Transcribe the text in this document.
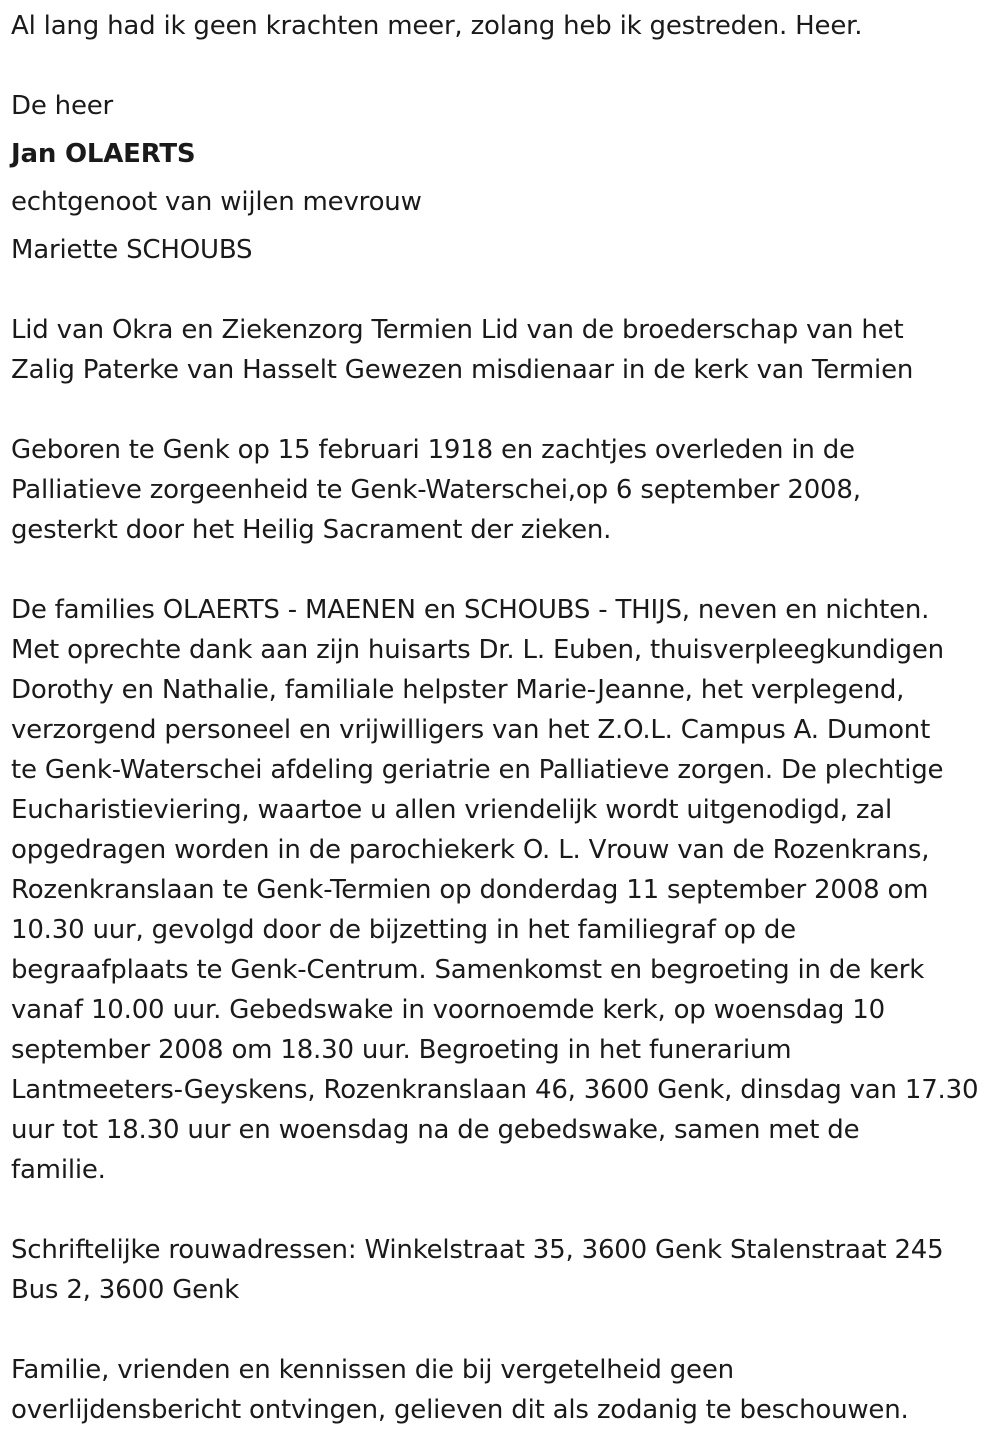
Al lang had ik geen krachten meer, zolang heb ik gestreden. Heer.
De heer
Jan OLAERTS
echtgenoot van wijlen mevrouw
Mariette SCHOUBS
Lid van Okra en Ziekenzorg Termien Lid van de broederschap van het
Zalig Paterke van Hasselt Gewezen misdienaar in de kerk van Termien
Geboren te Genk op 15 februari 1918 en zachtjes overleden in de
Palliatieve zorgeenheid te Genk-Waterschei,op 6 september 2008,
gesterkt door het Heilig Sacrament der zieken.
De families OLAERTS - MAENEN en SCHOUBS - THIJS, neven en nichten.
Met oprechte dank aan zijn huisarts Dr. L. Euben, thuisverpleegkundigen
Dorothy en Nathalie, familiale helpster Marie-Jeanne, het verplegend,
verzorgend personeel en vrijwilligers van het Z.O.L. Campus A. Dumont
te Genk-Waterschei afdeling geriatrie en Palliatieve zorgen. De plechtige
Eucharistieviering, waartoe u allen vriendelijk wordt uitgenodigd, zal
opgedragen worden in de parochiekerk O. L. Vrouw van de Rozenkrans,
Rozenkranslaan te Genk-Termien op donderdag 11 september 2008 om
10.30 uur, gevolgd door de bijzetting in het familiegraf op de
begraafplaats te Genk-Centrum. Samenkomst en begroeting in de kerk
vanaf 10.00 uur. Gebedswake in voornoemde kerk, op woensdag 10
september 2008 om 18.30 uur. Begroeting in het funerarium
Lantmeeters-Geyskens, Rozenkranslaan 46, 3600 Genk, dinsdag van 17.30
uur tot 18.30 uur en woensdag na de gebedswake, samen met de
familie.
Schriftelijke rouwadressen: Winkelstraat 35, 3600 Genk Stalenstraat 245
Bus 2, 3600 Genk
Familie, vrienden en kennissen die bij vergetelheid geen
overlijdensbericht ontvingen, gelieven dit als zodanig te beschouwen.
